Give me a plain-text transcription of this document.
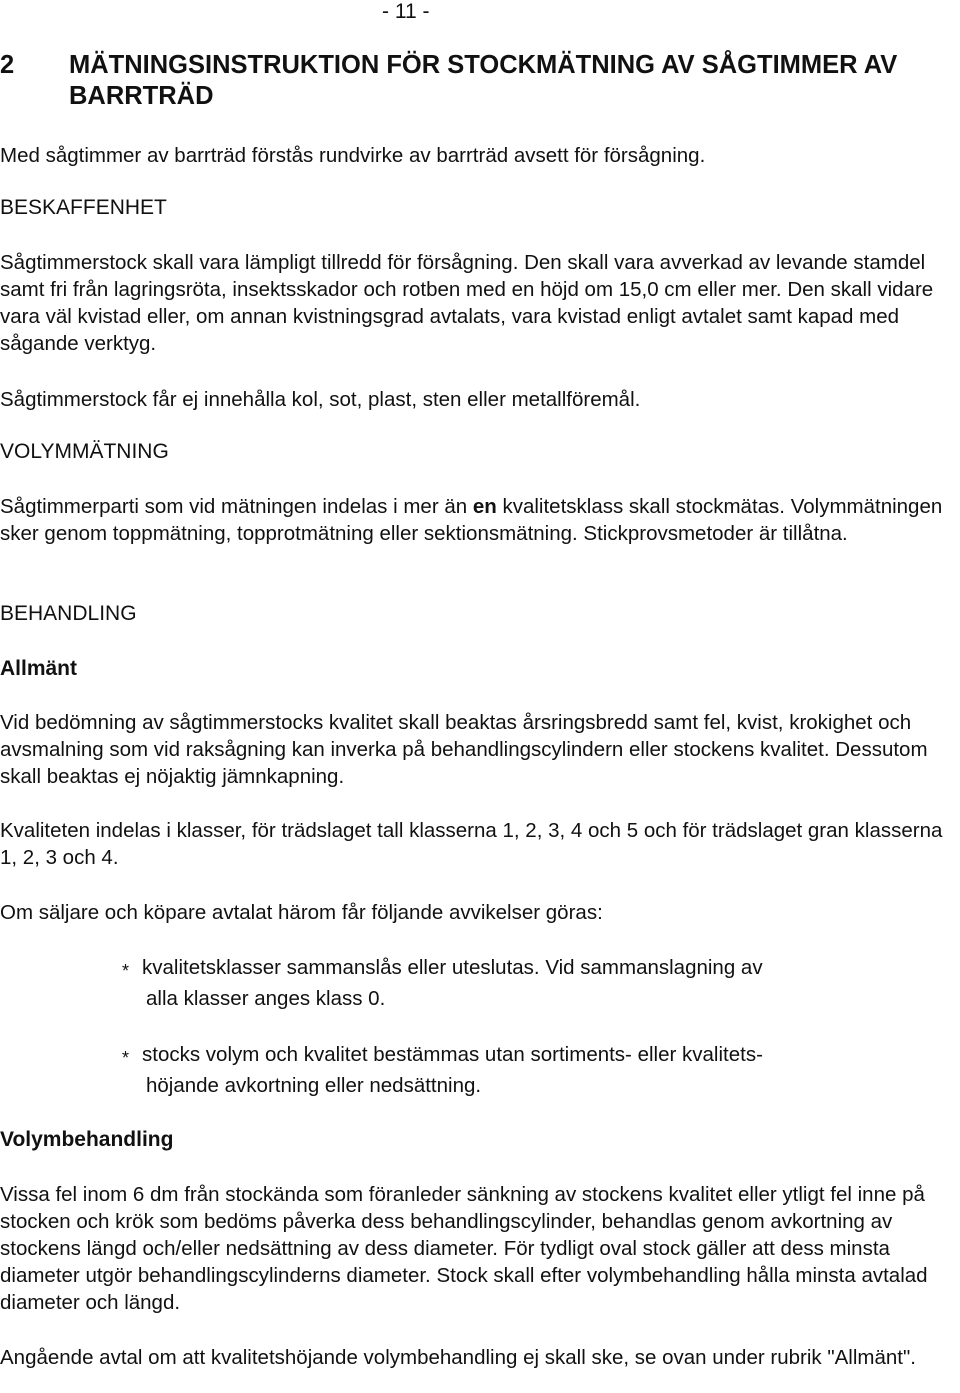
- 11 -
2 MÄTNINGSINSTRUKTION FÖR STOCKMÄTNING AV SÅGTIMMER AV BARRTRÄD

Med sågtimmer av barrträd förstås rundvirke av barrträd avsett för försågning.

BESKAFFENHET

Sågtimmerstock skall vara lämpligt tillredd för försågning. Den skall vara avverkad av levande stamdel samt fri från lagringsröta, insektsskador och rotben med en höjd om 15,0 cm eller mer. Den skall vidare vara väl kvistad eller, om annan kvistningsgrad avtalats, vara kvistad enligt avtalet samt kapad med sågande verktyg.

Sågtimmerstock får ej innehålla kol, sot, plast, sten eller metallföremål.

VOLYMMÄTNING

Sågtimmerparti som vid mätningen indelas i mer än en kvalitetsklass skall stockmätas. Volymmätningen sker genom toppmätning, topprotmätning eller sektionsmätning. Stickprovsmetoder är tillåtna.

BEHANDLING

Allmänt

Vid bedömning av sågtimmerstocks kvalitet skall beaktas årsringsbredd samt fel, kvist, krokighet och avsmalning som vid raksågning kan inverka på behandlingscylindern eller stockens kvalitet. Dessutom skall beaktas ej nöjaktig jämnkapning.

Kvaliteten indelas i klasser, för trädslaget tall klasserna 1, 2, 3, 4 och 5 och för trädslaget gran klasserna 1, 2, 3 och 4.

Om säljare och köpare avtalat härom får följande avvikelser göras:

* kvalitetsklasser sammanslås eller uteslutas. Vid sammanslagning av
alla klasser anges klass 0.
* stocks volym och kvalitet bestämmas utan sortiments- eller kvalitets-
höjande avkortning eller nedsättning.

Volymbehandling

Vissa fel inom 6 dm från stockända som föranleder sänkning av stockens kvalitet eller ytligt fel inne på stocken och krök som bedöms påverka dess behandlingscylinder, behandlas genom avkortning av stockens längd och/eller nedsättning av dess diameter. För tydligt oval stock gäller att dess minsta diameter utgör behandlingscylinderns diameter. Stock skall efter volymbehandling hålla minsta avtalad diameter och längd.

Angående avtal om att kvalitetshöjande volymbehandling ej skall ske, se ovan under rubrik "Allmänt".
